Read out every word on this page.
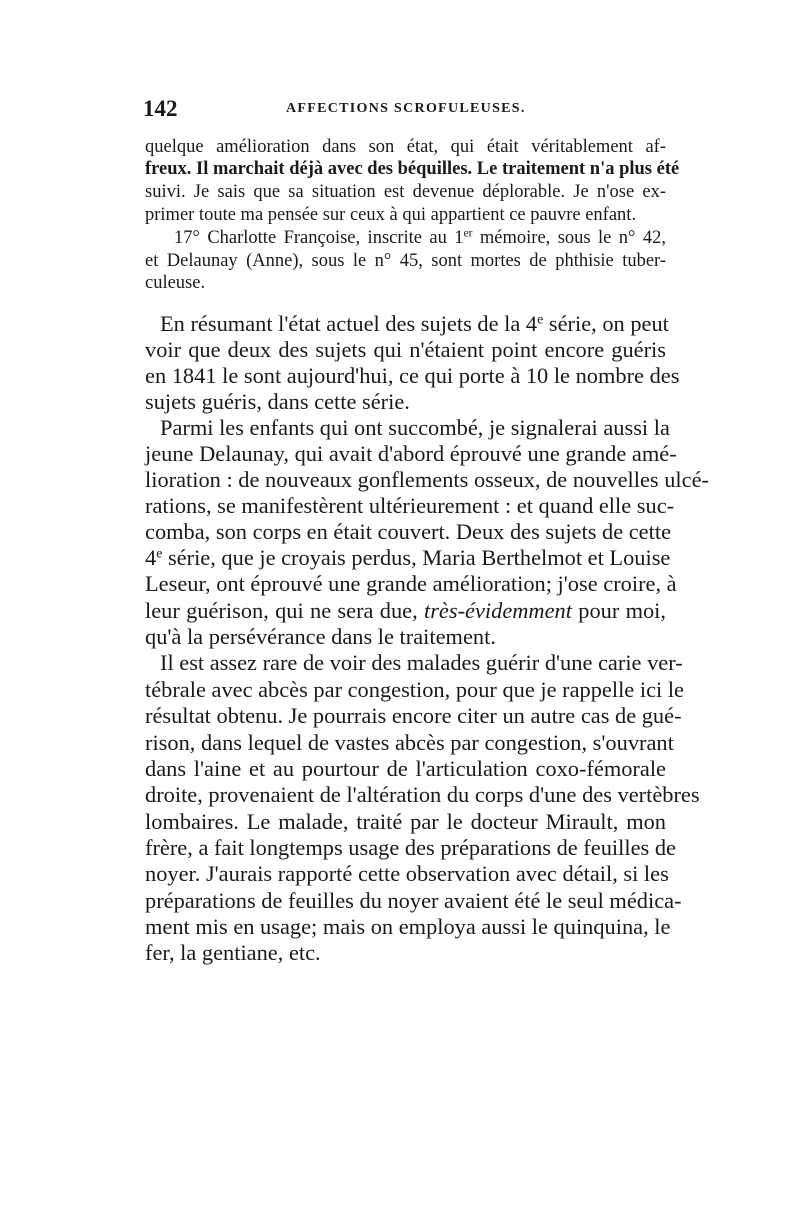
142	AFFECTIONS SCROFULEUSES.
quelque amélioration dans son état, qui était véritablement af-
freux. Il marchait déjà avec des béquilles. Le traitement n'a plus été
suivi. Je sais que sa situation est devenue déplorable. Je n'ose ex-
primer toute ma pensée sur ceux à qui appartient ce pauvre enfant.
17° Charlotte Françoise, inscrite au 1er mémoire, sous le n° 42,
et Delaunay (Anne), sous le n° 45, sont mortes de phthisie tuber-
culeuse.
En résumant l'état actuel des sujets de la 4e série, on peut
voir que deux des sujets qui n'étaient point encore guéris
en 1841 le sont aujourd'hui, ce qui porte à 10 le nombre des
sujets guéris, dans cette série.
Parmi les enfants qui ont succombé, je signalerai aussi la
jeune Delaunay, qui avait d'abord éprouvé une grande amé-
lioration : de nouveaux gonflements osseux, de nouvelles ulcé-
rations, se manifestèrent ultérieurement : et quand elle suc-
comba, son corps en était couvert. Deux des sujets de cette
4e série, que je croyais perdus, Maria Berthelmot et Louise
Leseur, ont éprouvé une grande amélioration; j'ose croire, à
leur guérison, qui ne sera due, très-évidemment pour moi,
qu'à la persévérance dans le traitement.
Il est assez rare de voir des malades guérir d'une carie ver-
tébrale avec abcès par congestion, pour que je rappelle ici le
résultat obtenu. Je pourrais encore citer un autre cas de gué-
rison, dans lequel de vastes abcès par congestion, s'ouvrant
dans l'aine et au pourtour de l'articulation coxo-fémorale
droite, provenaient de l'altération du corps d'une des vertèbres
lombaires. Le malade, traité par le docteur Mirault, mon
frère, a fait longtemps usage des préparations de feuilles de
noyer. J'aurais rapporté cette observation avec détail, si les
préparations de feuilles du noyer avaient été le seul médica-
ment mis en usage; mais on employa aussi le quinquina, le
fer, la gentiane, etc.
